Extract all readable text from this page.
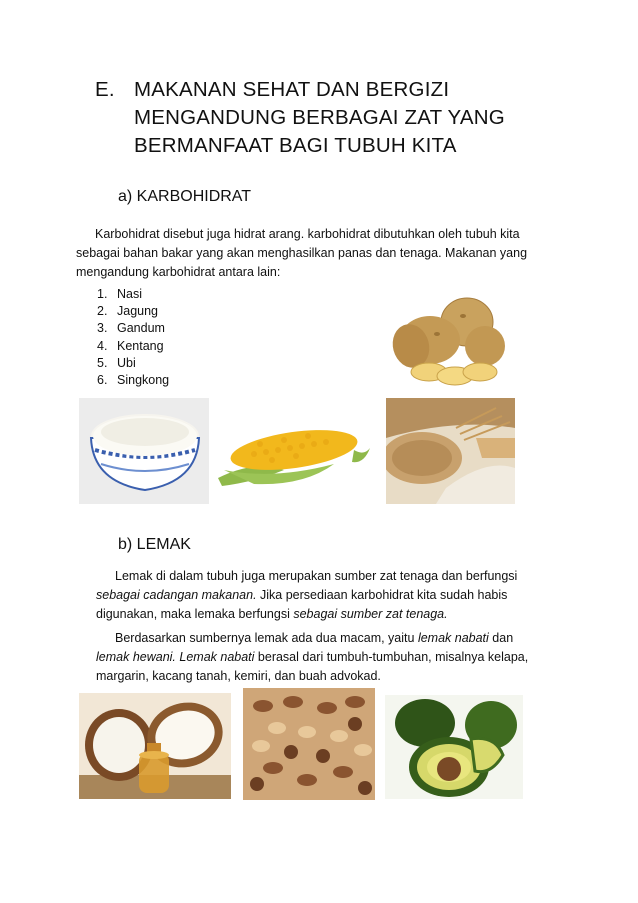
E. MAKANAN SEHAT DAN BERGIZI
MENGANDUNG BERBAGAI ZAT YANG
BERMANFAAT BAGI TUBUH KITA
a) KARBOHIDRAT
Karbohidrat disebut juga hidrat arang. karbohidrat dibutuhkan oleh tubuh kita
sebagai bahan bakar yang akan menghasilkan panas dan tenaga. Makanan yang
mengandung karbohidrat antara lain:
1. Nasi
2. Jagung
3. Gandum
4. Kentang
5. Ubi
6. Singkong
b) LEMAK
Lemak di dalam tubuh juga merupakan sumber zat tenaga dan berfungsi
sebagai cadangan makanan. Jika persediaan karbohidrat kita sudah habis
digunakan, maka lemaka berfungsi sebagai sumber zat tenaga.
Berdasarkan sumbernya lemak ada dua macam, yaitu lemak nabati dan
lemak hewani. Lemak nabati berasal dari tumbuh-tumbuhan, misalnya kelapa,
margarin, kacang tanah, kemiri, dan buah advokad.
